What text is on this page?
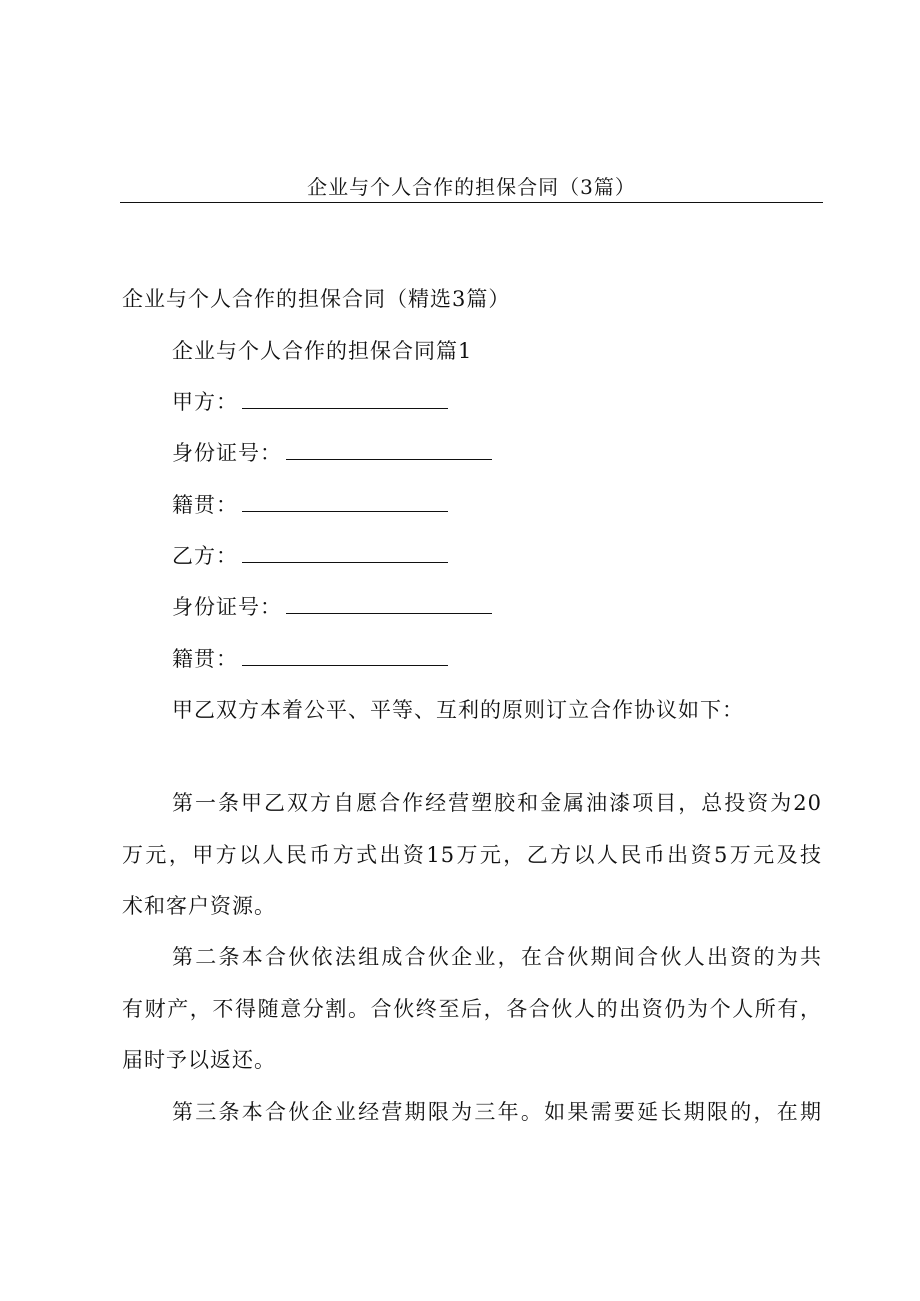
企业与个人合作的担保合同（3篇）
企业与个人合作的担保合同（精选3篇）
企业与个人合作的担保合同篇1
甲方：
身份证号：
籍贯：
乙方：
身份证号：
籍贯：
甲乙双方本着公平、平等、互利的原则订立合作协议如下：
第一条甲乙双方自愿合作经营塑胶和金属油漆项目，总投资为20
万元，甲方以人民币方式出资15万元，乙方以人民币出资5万元及技
术和客户资源。
第二条本合伙依法组成合伙企业，在合伙期间合伙人出资的为共
有财产，不得随意分割。合伙终至后，各合伙人的出资仍为个人所有，
届时予以返还。
第三条本合伙企业经营期限为三年。如果需要延长期限的，在期
